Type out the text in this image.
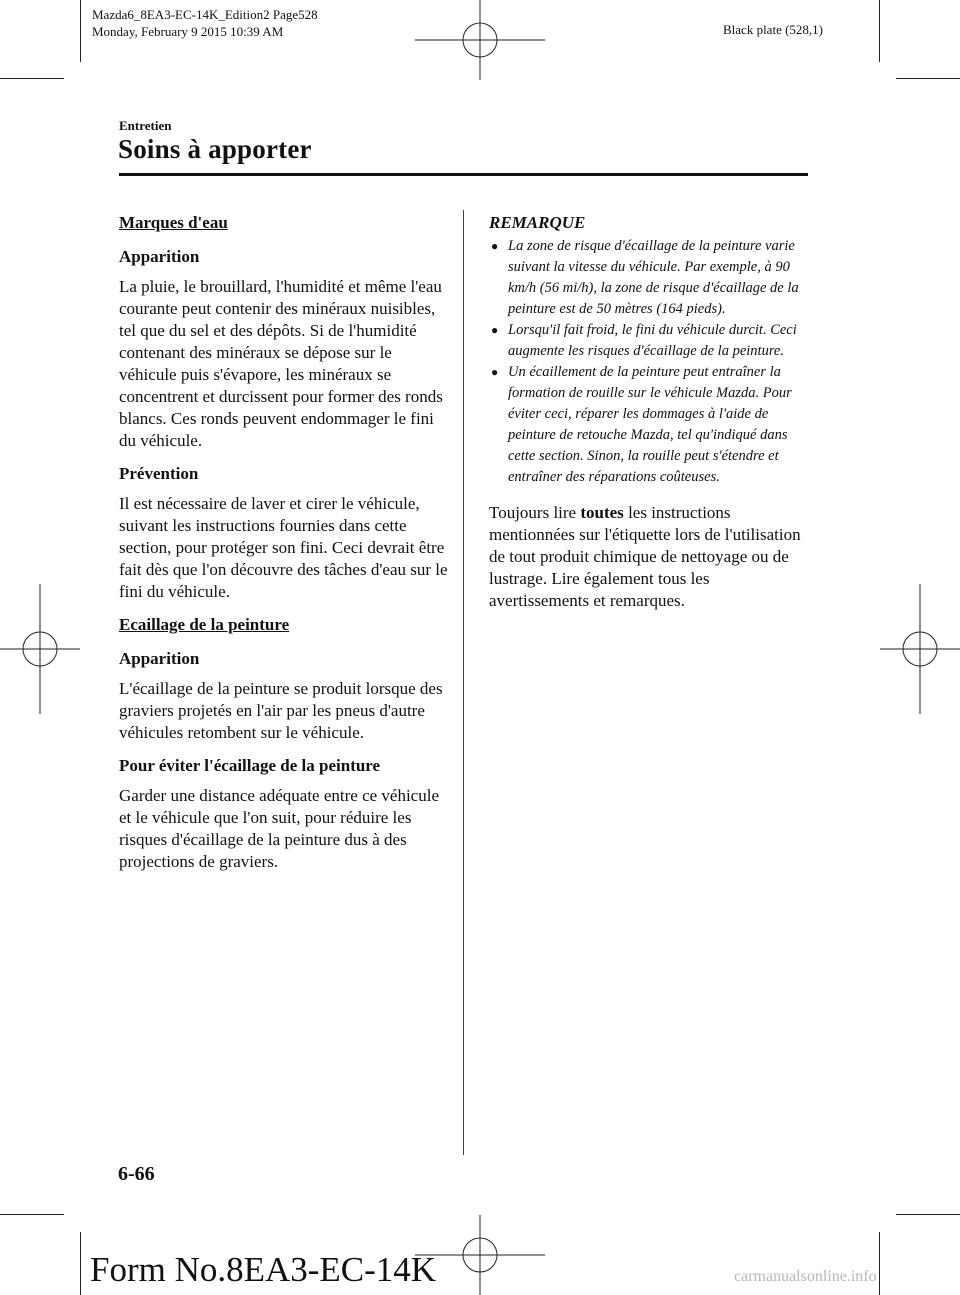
Mazda6_8EA3-EC-14K_Edition2 Page528
Monday, February 9 2015 10:39 AM	Black plate (528,1)
Entretien
Soins à apporter
Marques d'eau
Apparition

La pluie, le brouillard, l'humidité et même l'eau courante peut contenir des minéraux nuisibles, tel que du sel et des dépôts. Si de l'humidité contenant des minéraux se dépose sur le véhicule puis s'évapore, les minéraux se concentrent et durcissent pour former des ronds blancs. Ces ronds peuvent endommager le fini du véhicule.

Prévention

Il est nécessaire de laver et cirer le véhicule, suivant les instructions fournies dans cette section, pour protéger son fini. Ceci devrait être fait dès que l'on découvre des tâches d'eau sur le fini du véhicule.

Ecaillage de la peinture
Apparition

L'écaillage de la peinture se produit lorsque des graviers projetés en l'air par les pneus d'autre véhicules retombent sur le véhicule.

Pour éviter l'écaillage de la peinture

Garder une distance adéquate entre ce véhicule et le véhicule que l'on suit, pour réduire les risques d'écaillage de la peinture dus à des projections de graviers.

REMARQUE
● La zone de risque d'écaillage de la peinture varie suivant la vitesse du véhicule. Par exemple, à 90 km/h (56 mi/h), la zone de risque d'écaillage de la peinture est de 50 mètres (164 pieds).
● Lorsqu'il fait froid, le fini du véhicule durcit. Ceci augmente les risques d'écaillage de la peinture.
● Un écaillement de la peinture peut entraîner la formation de rouille sur le véhicule Mazda. Pour éviter ceci, réparer les dommages à l'aide de peinture de retouche Mazda, tel qu'indiqué dans cette section. Sinon, la rouille peut s'étendre et entraîner des réparations coûteuses.

Toujours lire toutes les instructions mentionnées sur l'étiquette lors de l'utilisation de tout produit chimique de nettoyage ou de lustrage. Lire également tous les avertissements et remarques.

6-66
Form No.8EA3-EC-14K	carmanualsonline.info
